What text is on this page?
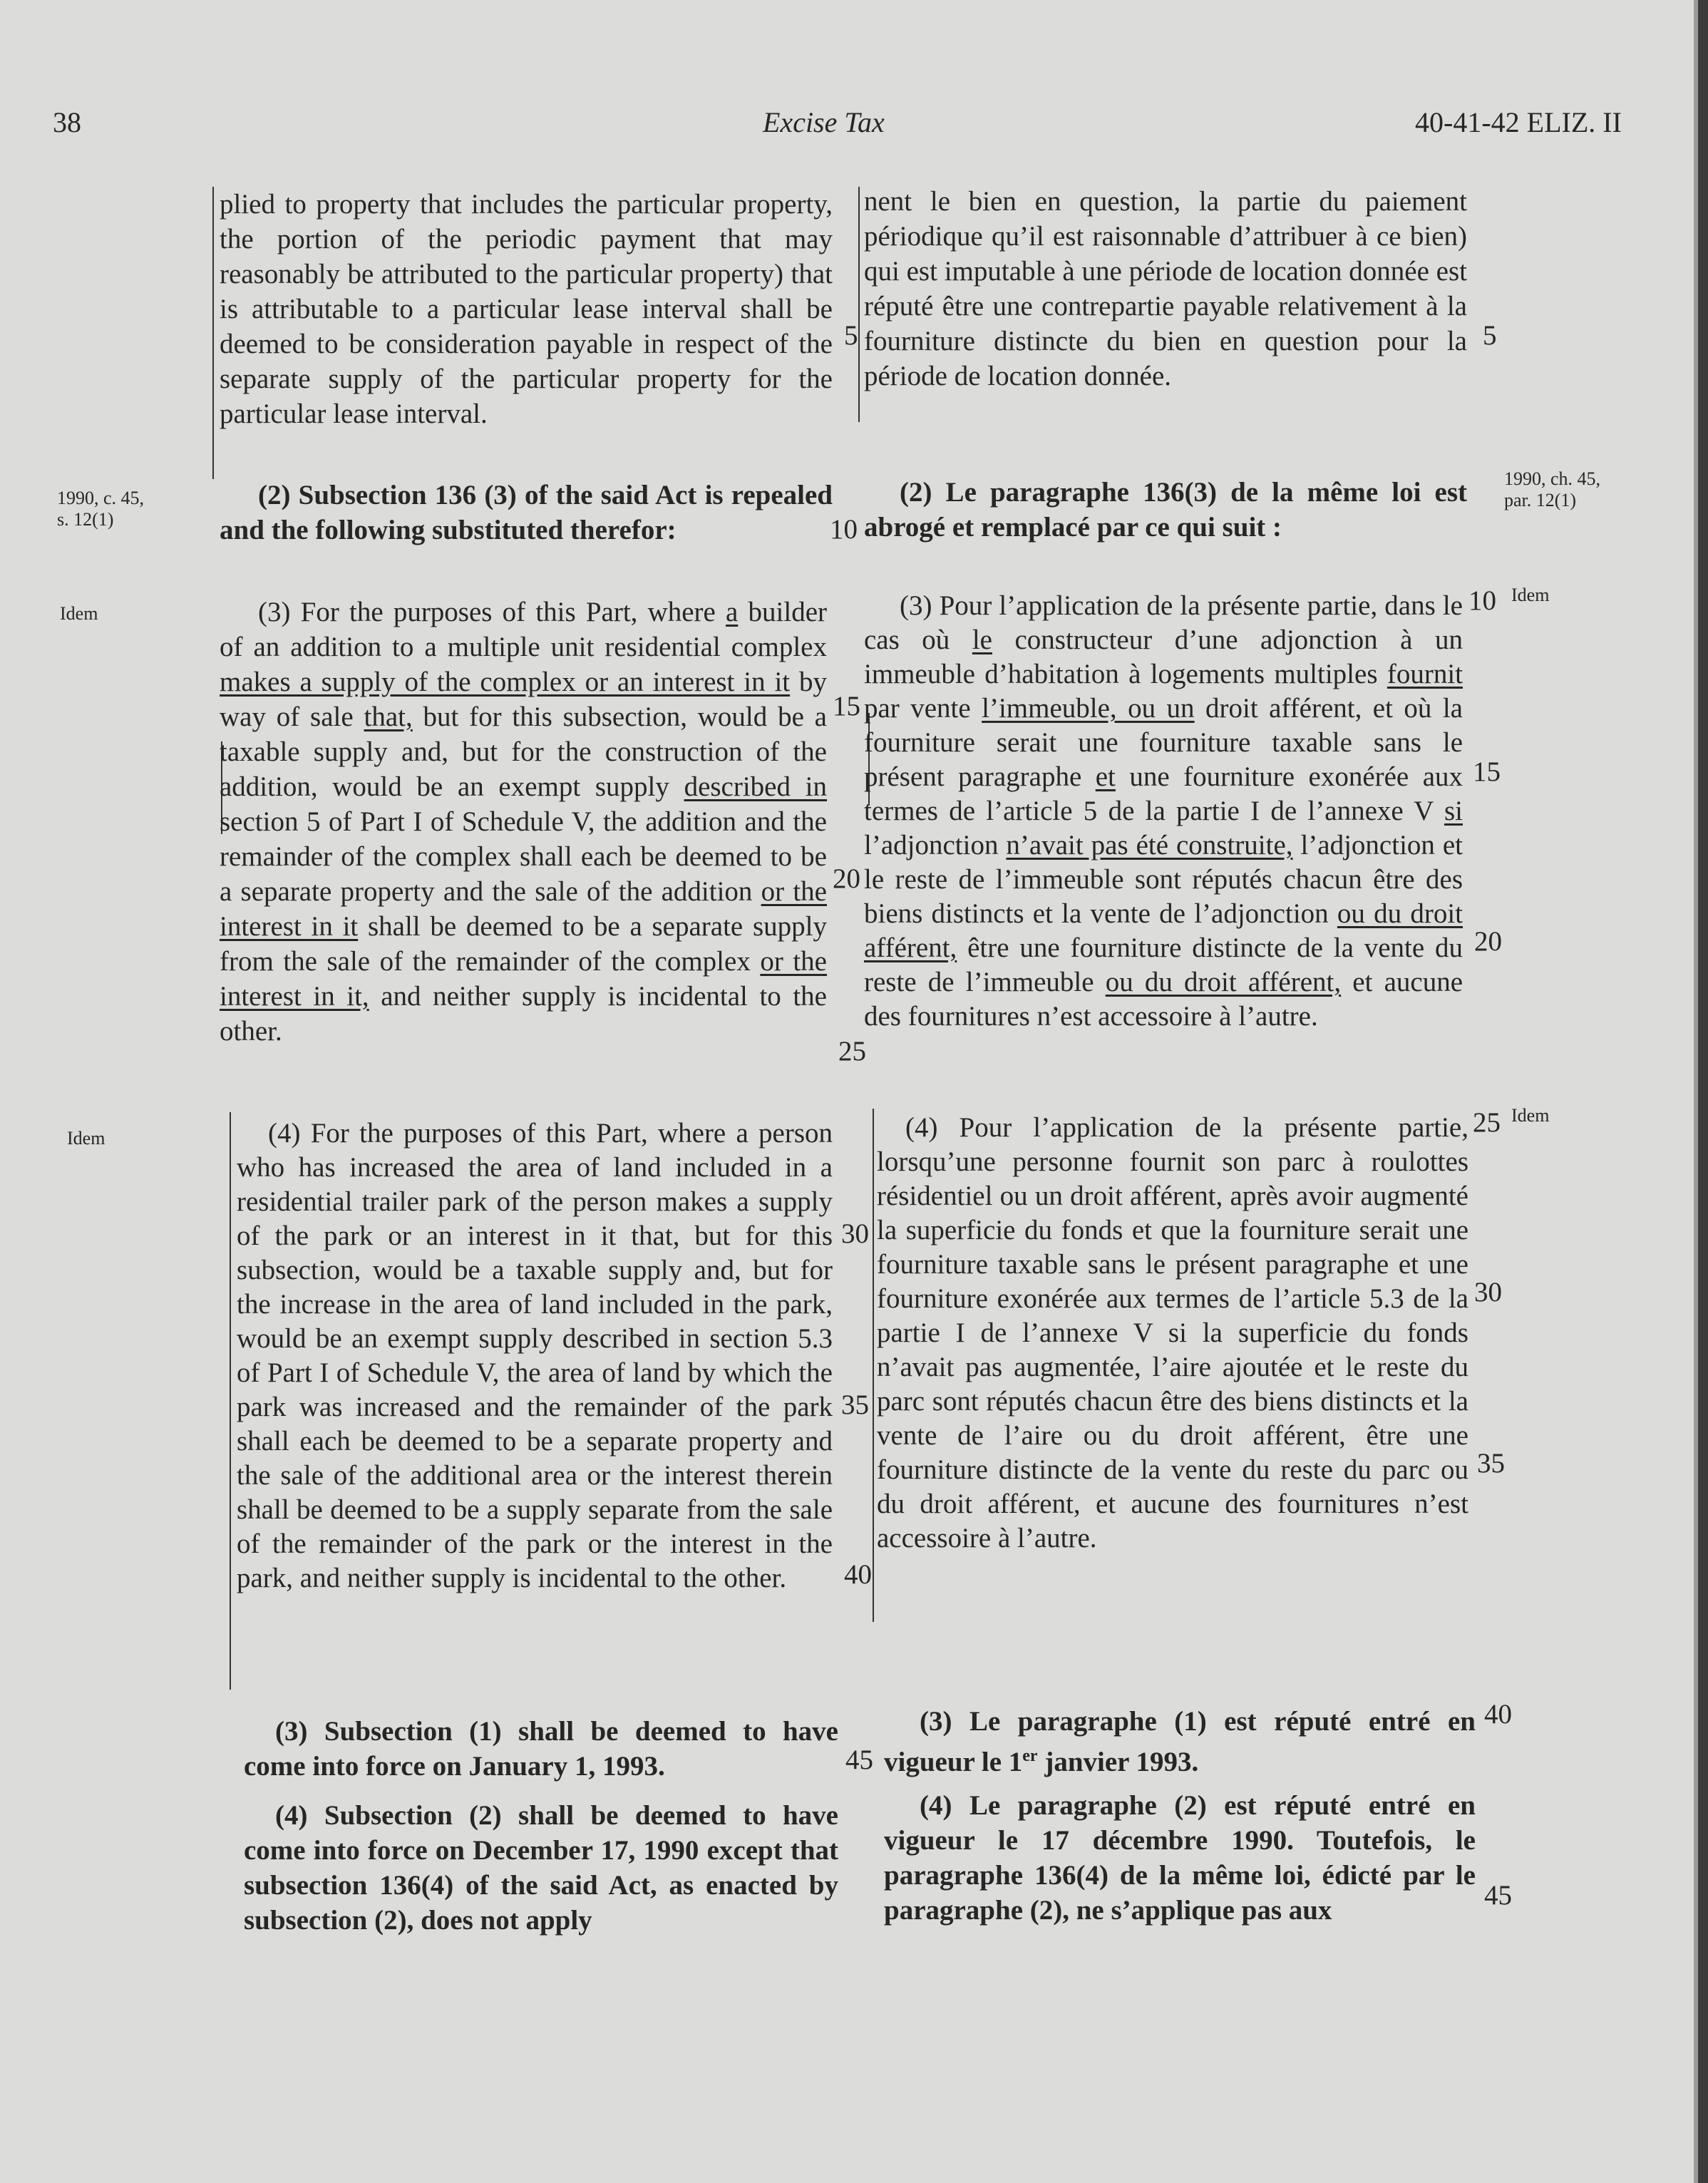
38	Excise Tax	40-41-42 ELIZ. II
1990, c. 45,
s. 12(1)
Idem
Idem
1990, ch. 45,
par. 12(1)
Idem
Idem
5
10
15
20
25
30
35
40
45
5
10
15
20
25
30
35
40
45

plied to property that includes the particular property, the portion of the periodic payment that may reasonably be attributed to the particular property) that is attributable to a particular lease interval shall be deemed to be consideration payable in respect of the separate supply of the particular property for the particular lease interval.

(2) Subsection 136 (3) of the said Act is repealed and the following substituted therefor:

(3) For the purposes of this Part, where a builder of an addition to a multiple unit residential complex makes a supply of the complex or an interest in it by way of sale that, but for this subsection, would be a taxable supply and, but for the construction of the addition, would be an exempt supply described in section 5 of Part I of Schedule V, the addition and the remainder of the complex shall each be deemed to be a separate property and the sale of the addition or the interest in it shall be deemed to be a separate supply from the sale of the remainder of the complex or the interest in it, and neither supply is incidental to the other.

(4) For the purposes of this Part, where a person who has increased the area of land included in a residential trailer park of the person makes a supply of the park or an interest in it that, but for this subsection, would be a taxable supply and, but for the increase in the area of land included in the park, would be an exempt supply described in section 5.3 of Part I of Schedule V, the area of land by which the park was increased and the remainder of the park shall each be deemed to be a separate property and the sale of the additional area or the interest therein shall be deemed to be a supply separate from the sale of the remainder of the park or the interest in the park, and neither supply is incidental to the other.

(3) Subsection (1) shall be deemed to have come into force on January 1, 1993.

(4) Subsection (2) shall be deemed to have come into force on December 17, 1990 except that subsection 136(4) of the said Act, as enacted by subsection (2), does not apply

nent le bien en question, la partie du paiement périodique qu’il est raisonnable d’attribuer à ce bien) qui est imputable à une période de location donnée est réputé être une contrepartie payable relativement à la fourniture distincte du bien en question pour la période de location donnée.

(2) Le paragraphe 136(3) de la même loi est abrogé et remplacé par ce qui suit :

(3) Pour l’application de la présente partie, dans le cas où le constructeur d’une adjonction à un immeuble d’habitation à logements multiples fournit par vente l’immeuble, ou un droit afférent, et où la fourniture serait une fourniture taxable sans le présent paragraphe et une fourniture exonérée aux termes de l’article 5 de la partie I de l’annexe V si l’adjonction n’avait pas été construite, l’adjonction et le reste de l’immeuble sont réputés chacun être des biens distincts et la vente de l’adjonction ou du droit afférent, être une fourniture distincte de la vente du reste de l’immeuble ou du droit afférent, et aucune des fournitures n’est accessoire à l’autre.

(4) Pour l’application de la présente partie, lorsqu’une personne fournit son parc à roulottes résidentiel ou un droit afférent, après avoir augmenté la superficie du fonds et que la fourniture serait une fourniture taxable sans le présent paragraphe et une fourniture exonérée aux termes de l’article 5.3 de la partie I de l’annexe V si la superficie du fonds n’avait pas augmentée, l’aire ajoutée et le reste du parc sont réputés chacun être des biens distincts et la vente de l’aire ou du droit afférent, être une fourniture distincte de la vente du reste du parc ou du droit afférent, et aucune des fournitures n’est accessoire à l’autre.

(3) Le paragraphe (1) est réputé entré en vigueur le 1er janvier 1993.

(4) Le paragraphe (2) est réputé entré en vigueur le 17 décembre 1990. Toutefois, le paragraphe 136(4) de la même loi, édicté par le paragraphe (2), ne s’applique pas aux
